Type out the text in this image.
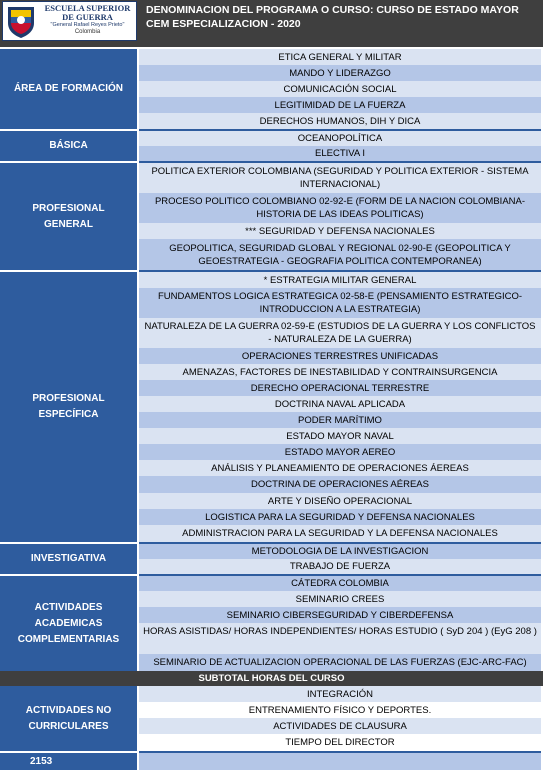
ESCUELA SUPERIOR
DE GUERRA
"General Rafael Reyes Prieto"
Colombia
DENOMINACION DEL PROGRAMA O CURSO: CURSO DE ESTADO MAYOR CEM ESPECIALIZACION - 2020
ÁREA DE FORMACIÓN
ETICA GENERAL Y MILITAR
MANDO Y LIDERAZGO
COMUNICACIÓN SOCIAL
LEGITIMIDAD DE LA FUERZA
DERECHOS HUMANOS, DIH Y DICA
BÁSICA
OCEANOPOLÍTICA
ELECTIVA I
PROFESIONAL
GENERAL
POLITICA EXTERIOR COLOMBIANA (SEGURIDAD Y POLITICA EXTERIOR - SISTEMA INTERNACIONAL)
PROCESO POLITICO COLOMBIANO 02-92-E (FORM DE LA NACION COLOMBIANA-HISTORIA DE LAS IDEAS POLITICAS)
*** SEGURIDAD Y DEFENSA NACIONALES
GEOPOLITICA, SEGURIDAD GLOBAL Y REGIONAL 02-90-E (GEOPOLITICA Y GEOESTRATEGIA - GEOGRAFIA POLITICA CONTEMPORANEA)
PROFESIONAL
ESPECÍFICA
* ESTRATEGIA MILITAR GENERAL
FUNDAMENTOS LOGICA ESTRATEGICA 02-58-E (PENSAMIENTO ESTRATEGICO-INTRODUCCION A LA ESTRATEGIA)
NATURALEZA DE LA GUERRA 02-59-E (ESTUDIOS DE LA GUERRA Y LOS CONFLICTOS - NATURALEZA DE LA GUERRA)
OPERACIONES TERRESTRES UNIFICADAS
AMENAZAS, FACTORES DE INESTABILIDAD Y CONTRAINSURGENCIA
DERECHO OPERACIONAL TERRESTRE
DOCTRINA NAVAL APLICADA
PODER MARÍTIMO
ESTADO MAYOR NAVAL
ESTADO MAYOR AEREO
ANÁLISIS Y PLANEAMIENTO DE OPERACIONES ÁEREAS
DOCTRINA DE OPERACIONES AÉREAS
ARTE Y DISEÑO OPERACIONAL
LOGISTICA PARA LA SEGURIDAD Y DEFENSA NACIONALES
ADMINISTRACION PARA LA SEGURIDAD Y LA DEFENSA NACIONALES
INVESTIGATIVA
METODOLOGIA DE LA INVESTIGACION
TRABAJO DE FUERZA
ACTIVIDADES
ACADEMICAS
COMPLEMENTARIAS
CÁTEDRA COLOMBIA
SEMINARIO CREES
SEMINARIO CIBERSEGURIDAD Y CIBERDEFENSA
HORAS ASISTIDAS/ HORAS INDEPENDIENTES/ HORAS ESTUDIO ( SyD 204 ) (EyG 208 )
SEMINARIO DE ACTUALIZACION OPERACIONAL DE LAS FUERZAS (EJC-ARC-FAC)
SUBTOTAL HORAS DEL CURSO
ACTIVIDADES NO
CURRICULARES
INTEGRACIÓN
ENTRENAMIENTO FÍSICO Y DEPORTES.
ACTIVIDADES DE CLAUSURA
TIEMPO DEL DIRECTOR
2153
